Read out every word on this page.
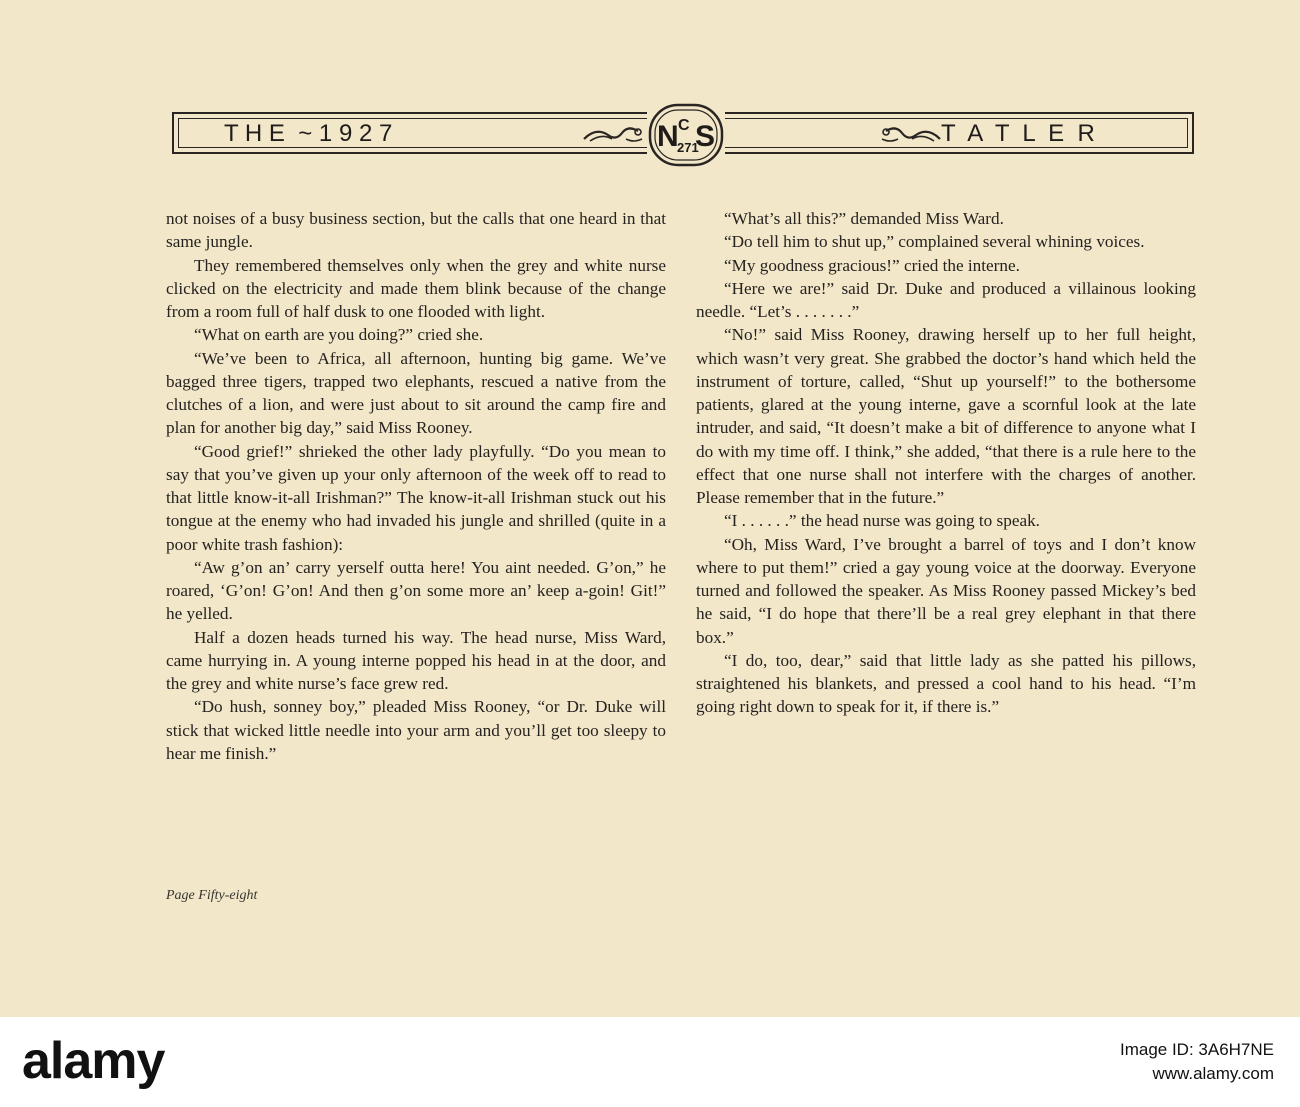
T H E  ~ 1 9 2 7	N C
271
S	T  A  T  L  E  R

not noises of a busy business section, but the calls that one heard in that same jungle.

They remembered themselves only when the grey and white nurse clicked on the electricity and made them blink because of the change from a room full of half dusk to one flooded with light.

“What on earth are you doing?” cried she.

“We’ve been to Africa, all afternoon, hunting big game. We’ve bagged three tigers, trapped two elephants, rescued a native from the clutches of a lion, and were just about to sit around the camp fire and plan for another big day,” said Miss Rooney.

“Good grief!” shrieked the other lady playfully. “Do you mean to say that you’ve given up your only afternoon of the week off to read to that little know-it-all Irishman?” The know-it-all Irishman stuck out his tongue at the enemy who had invaded his jungle and shrilled (quite in a poor white trash fashion):

“Aw g’on an’ carry yerself outta here! You aint needed. G’on,” he roared, ‘G’on! G’on! And then g’on some more an’ keep a-goin! Git!” he yelled.

Half a dozen heads turned his way. The head nurse, Miss Ward, came hurrying in. A young interne popped his head in at the door, and the grey and white nurse’s face grew red.

“Do hush, sonney boy,” pleaded Miss Rooney, “or Dr. Duke will stick that wicked little needle into your arm and you’ll get too sleepy to hear me finish.”

“What’s all this?” demanded Miss Ward.

“Do tell him to shut up,” complained several whining voices.

“My goodness gracious!” cried the interne.

“Here we are!” said Dr. Duke and produced a villainous looking needle. “Let’s . . . . . . .”

“No!” said Miss Rooney, drawing herself up to her full height, which wasn’t very great. She grabbed the doctor’s hand which held the instrument of torture, called, “Shut up yourself!” to the bothersome patients, glared at the young interne, gave a scornful look at the late intruder, and said, “It doesn’t make a bit of difference to anyone what I do with my time off. I think,” she added, “that there is a rule here to the effect that one nurse shall not interfere with the charges of another. Please remember that in the future.”

“I . . . . . .” the head nurse was going to speak.

“Oh, Miss Ward, I’ve brought a barrel of toys and I don’t know where to put them!” cried a gay young voice at the doorway. Everyone turned and followed the speaker. As Miss Rooney passed Mickey’s bed he said, “I do hope that there’ll be a real grey elephant in that there box.”

“I do, too, dear,” said that little lady as she patted his pillows, straightened his blankets, and pressed a cool hand to his head. “I’m going right down to speak for it, if there is.”

Page Fifty-eight
alamy	Image ID: 3A6H7NE
www.alamy.com
